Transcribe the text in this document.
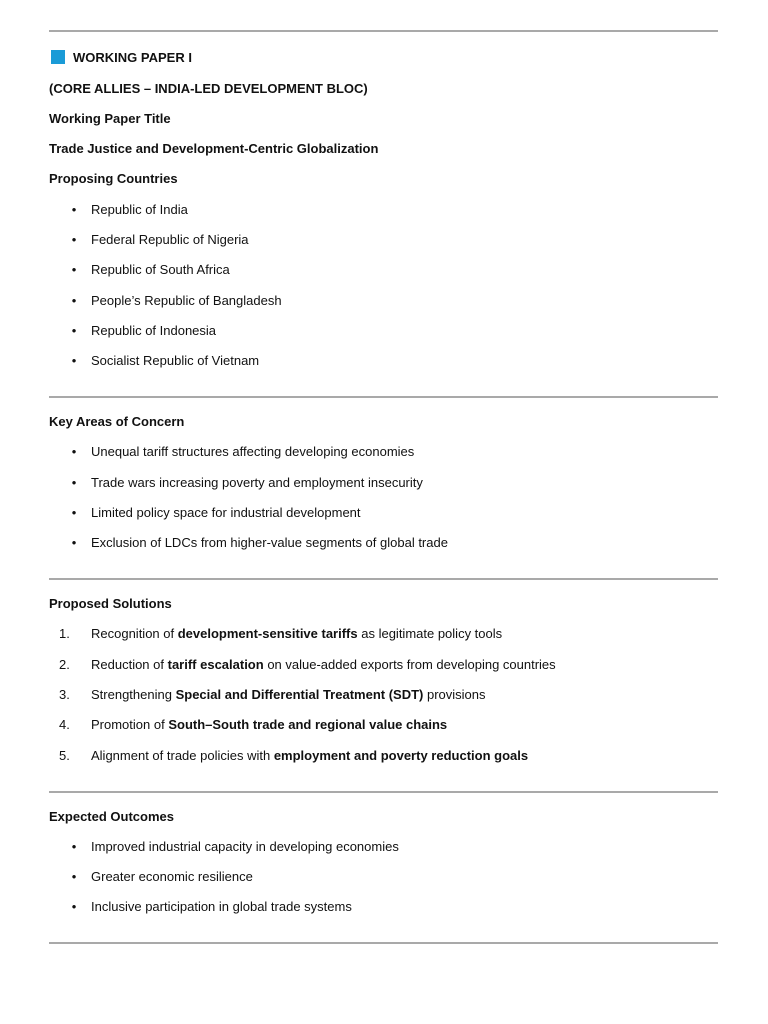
WORKING PAPER I
(CORE ALLIES – INDIA-LED DEVELOPMENT BLOC)
Working Paper Title
Trade Justice and Development-Centric Globalization
Proposing Countries
• Republic of India
• Federal Republic of Nigeria
• Republic of South Africa
• People’s Republic of Bangladesh
• Republic of Indonesia
• Socialist Republic of Vietnam
Key Areas of Concern
• Unequal tariff structures affecting developing economies
• Trade wars increasing poverty and employment insecurity
• Limited policy space for industrial development
• Exclusion of LDCs from higher-value segments of global trade
Proposed Solutions
1.	Recognition of development-sensitive tariffs as legitimate policy tools
2.	Reduction of tariff escalation on value-added exports from developing countries
3.	Strengthening Special and Differential Treatment (SDT) provisions
4.	Promotion of South–South trade and regional value chains
5.	Alignment of trade policies with employment and poverty reduction goals
Expected Outcomes
• Improved industrial capacity in developing economies
• Greater economic resilience
• Inclusive participation in global trade systems
